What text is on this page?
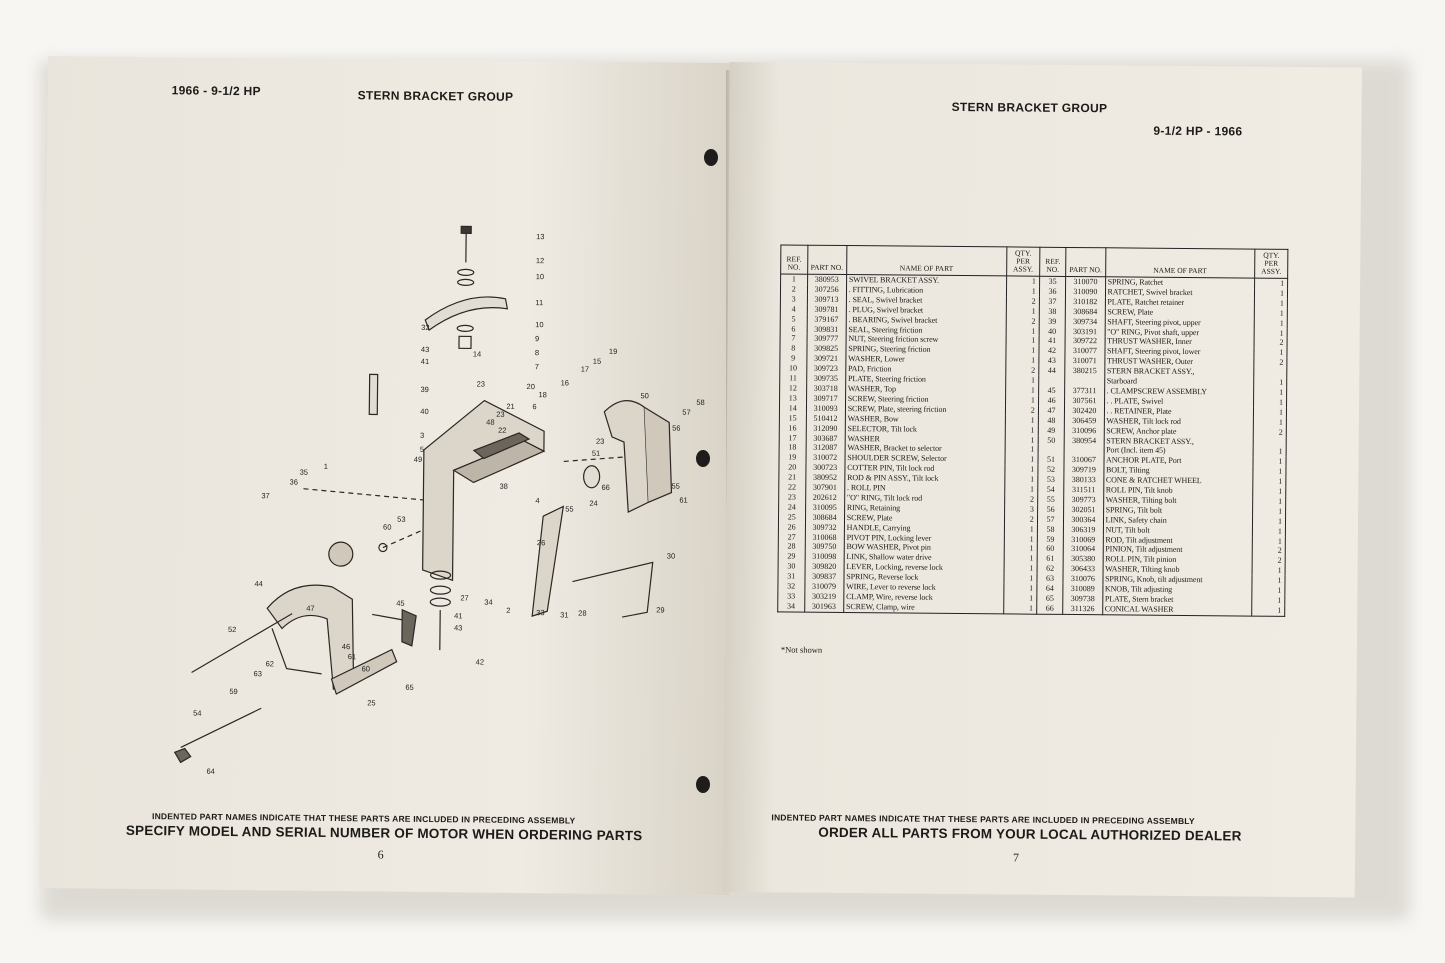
1966 - 9-1/2 HP	STERN BRACKET GROUP
13
12
10
11
10
9
8
7
32
43
41
14
15
19
17
16
39
23
58
57
56
50
40
48
23
21
20
18
3
5
6
22
23
51
49
1
35
36
37
38
4	24
66	55
61
60
53
55
26
30
27 34
2	33 31 28	29
44
47
45
41
43
46
61
60
52
62
63
65
25
42
59
54
64
INDENTED PART NAMES INDICATE THAT THESE PARTS ARE INCLUDED IN PRECEDING ASSEMBLY
SPECIFY MODEL AND SERIAL NUMBER OF MOTOR WHEN ORDERING PARTS
6
STERN BRACKET GROUP
9-1/2 HP - 1966
REF. NO.	PART NO.	NAME OF PART	QTY. PER ASSY.	REF. NO.	PART NO.	NAME OF PART	QTY. PER ASSY.
1	380953	SWIVEL BRACKET ASSY.	1	35	310070	SPRING, Ratchet	1
2	307256	. FITTING, Lubrication	1	36	310090	RATCHET, Swivel bracket	1
3	309713	. SEAL, Swivel bracket	2	37	310182	PLATE, Ratchet retainer	1
4	309781	. PLUG, Swivel bracket	1	38	308684	SCREW, Plate	1
5	379167	. BEARING, Swivel bracket	2	39	309734	SHAFT, Steering pivot, upper	1
6	309831	SEAL, Steering friction	1	40	303191	"O" RING, Pivot shaft, upper	1
7	309777	NUT, Steering friction screw	1	41	309722	THRUST WASHER, Inner	2
8	309825	SPRING, Steering friction	1	42	310077	SHAFT, Steering pivot, lower	1
9	309721	WASHER, Lower	1	43	310071	THRUST WASHER, Outer	2
10	309723	PAD, Friction	2	44	380215	STERN BRACKET ASSY.,	
11	309735	PLATE, Steering friction	1			Starboard	1
12	303718	WASHER, Top	1	45	377311	. CLAMPSCREW ASSEMBLY	1
13	309717	SCREW, Steering friction	1	46	307561	. . PLATE, Swivel	1
14	310093	SCREW, Plate, steering friction	2	47	302420	. . RETAINER, Plate	1
15	510412	WASHER, Bow	1	48	306459	WASHER, Tilt lock rod	1
16	312090	SELECTOR, Tilt lock	1	49	310096	SCREW, Anchor plate	2
17	303687	WASHER	1	50	380954	STERN BRACKET ASSY.,	
18	312087	WASHER, Bracket to selector	1			Port (Incl. item 45)	1
19	310072	SHOULDER SCREW, Selector	1	51	310067	ANCHOR PLATE, Port	1
20	300723	COTTER PIN, Tilt lock rod	1	52	309719	BOLT, Tilting	1
21	380952	ROD & PIN ASSY., Tilt lock	1	53	380133	CONE & RATCHET WHEEL	1
22	307901	. ROLL PIN	1	54	311511	ROLL PIN, Tilt knob	1
23	202612	"O" RING, Tilt lock rod	2	55	309773	WASHER, Tilting bolt	1
24	310095	RING, Retaining	3	56	302051	SPRING, Tilt bolt	1
25	308684	SCREW, Plate	2	57	300364	LINK, Safety chain	1
26	309732	HANDLE, Carrying	1	58	306319	NUT, Tilt bolt	1
27	310068	PIVOT PIN, Locking lever	1	59	310069	ROD, Tilt adjustment	1
28	309750	BOW WASHER, Pivot pin	1	60	310064	PINION, Tilt adjustment	2
29	310098	LINK, Shallow water drive	1	61	305380	ROLL PIN, Tilt pinion	2
30	309820	LEVER, Locking, reverse lock	1	62	306433	WASHER, Tilting knob	1
31	309837	SPRING, Reverse lock	1	63	310076	SPRING, Knob, tilt adjustment	1
32	310079	WIRE, Lever to reverse lock	1	64	310089	KNOB, Tilt adjusting	1
33	303219	CLAMP, Wire, reverse lock	1	65	309738	PLATE, Stern bracket	1
34	301963	SCREW, Clamp, wire	1	66	311326	CONICAL WASHER	1
*Not shown
INDENTED PART NAMES INDICATE THAT THESE PARTS ARE INCLUDED IN PRECEDING ASSEMBLY
ORDER ALL PARTS FROM YOUR LOCAL AUTHORIZED DEALER
7
